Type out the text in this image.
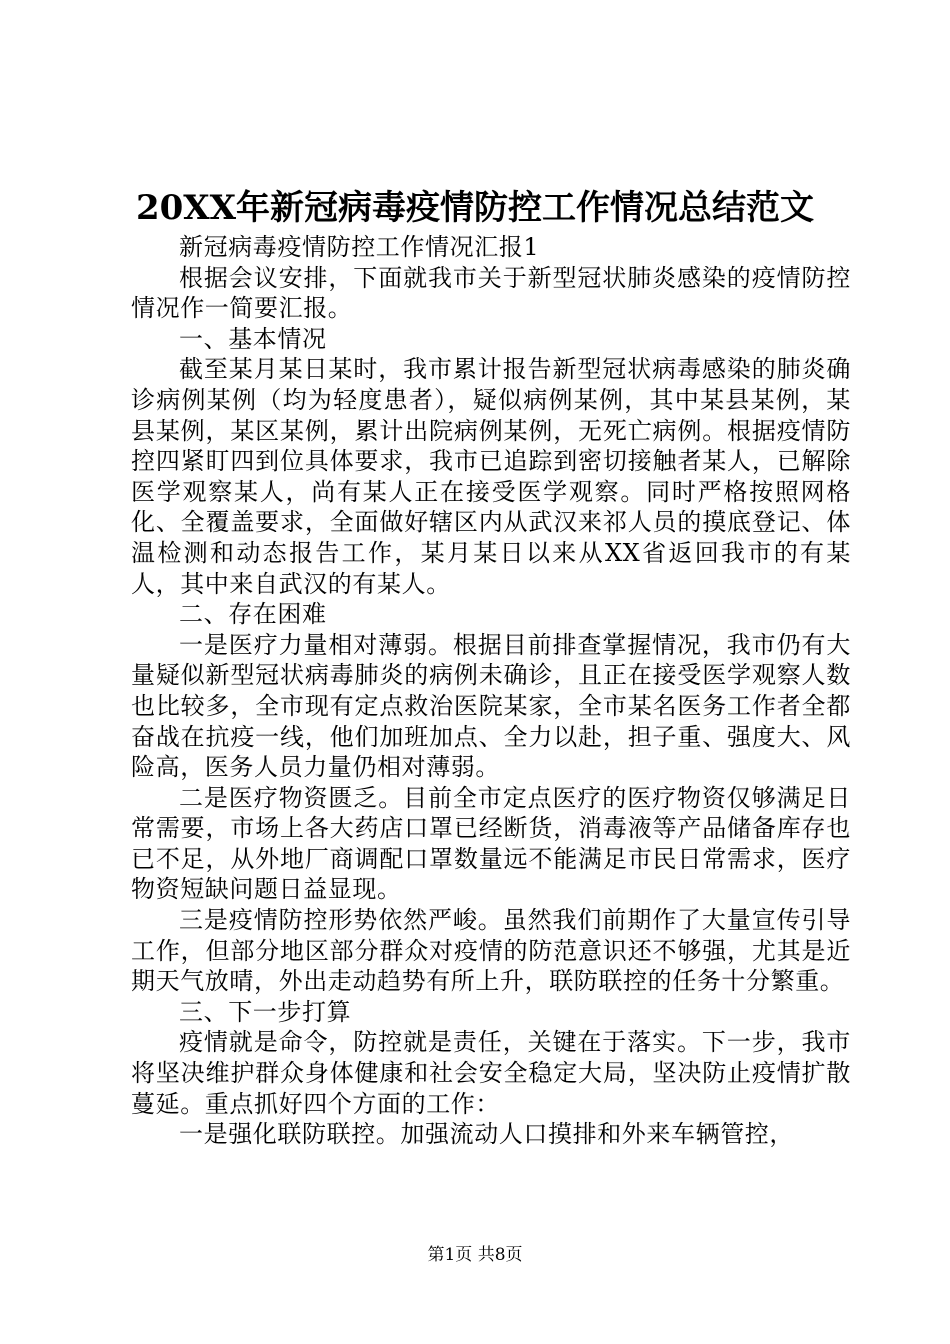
20XX年新冠病毒疫情防控工作情况总结范文

新冠病毒疫情防控工作情况汇报1

根据会议安排，下面就我市关于新型冠状肺炎感染的疫情防控情况作一简要汇报。

一、基本情况

截至某月某日某时，我市累计报告新型冠状病毒感染的肺炎确诊病例某例（均为轻度患者），疑似病例某例，其中某县某例，某县某例，某区某例，累计出院病例某例，无死亡病例。根据疫情防控四紧盯四到位具体要求，我市已追踪到密切接触者某人，已解除医学观察某人，尚有某人正在接受医学观察。同时严格按照网格化、全覆盖要求，全面做好辖区内从武汉来祁人员的摸底登记、体温检测和动态报告工作，某月某日以来从XX省返回我市的有某人，其中来自武汉的有某人。

二、存在困难

一是医疗力量相对薄弱。根据目前排查掌握情况，我市仍有大量疑似新型冠状病毒肺炎的病例未确诊，且正在接受医学观察人数也比较多，全市现有定点救治医院某家，全市某名医务工作者全都奋战在抗疫一线，他们加班加点、全力以赴，担子重、强度大、风险高，医务人员力量仍相对薄弱。

二是医疗物资匮乏。目前全市定点医疗的医疗物资仅够满足日常需要，市场上各大药店口罩已经断货，消毒液等产品储备库存也已不足，从外地厂商调配口罩数量远不能满足市民日常需求，医疗物资短缺问题日益显现。

三是疫情防控形势依然严峻。虽然我们前期作了大量宣传引导工作，但部分地区部分群众对疫情的防范意识还不够强，尤其是近期天气放晴，外出走动趋势有所上升，联防联控的任务十分繁重。

三、下一步打算

疫情就是命令，防控就是责任，关键在于落实。下一步，我市将坚决维护群众身体健康和社会安全稳定大局，坚决防止疫情扩散蔓延。重点抓好四个方面的工作：

一是强化联防联控。加强流动人口摸排和外来车辆管控，

第1页 共8页
